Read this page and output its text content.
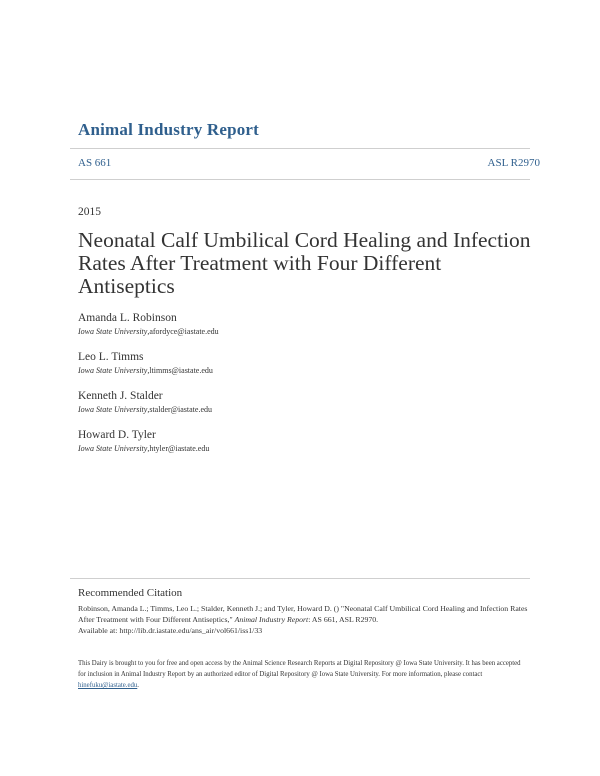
Animal Industry Report
AS 661	ASL R2970
2015
Neonatal Calf Umbilical Cord Healing and Infection Rates After Treatment with Four Different Antiseptics
Amanda L. Robinson
Iowa State University,afordyce@iastate.edu
Leo L. Timms
Iowa State University,ltimms@iastate.edu
Kenneth J. Stalder
Iowa State University,stalder@iastate.edu
Howard D. Tyler
Iowa State University,htyler@iastate.edu
Recommended Citation
Robinson, Amanda L.; Timms, Leo L.; Stalder, Kenneth J.; and Tyler, Howard D. () "Neonatal Calf Umbilical Cord Healing and Infection Rates After Treatment with Four Different Antiseptics," Animal Industry Report: AS 661, ASL R2970.
Available at: http://lib.dr.iastate.edu/ans_air/vol661/iss1/33
This Dairy is brought to you for free and open access by the Animal Science Research Reports at Digital Repository @ Iowa State University. It has been accepted for inclusion in Animal Industry Report by an authorized editor of Digital Repository @ Iowa State University. For more information, please contact hinefuku@iastate.edu.
